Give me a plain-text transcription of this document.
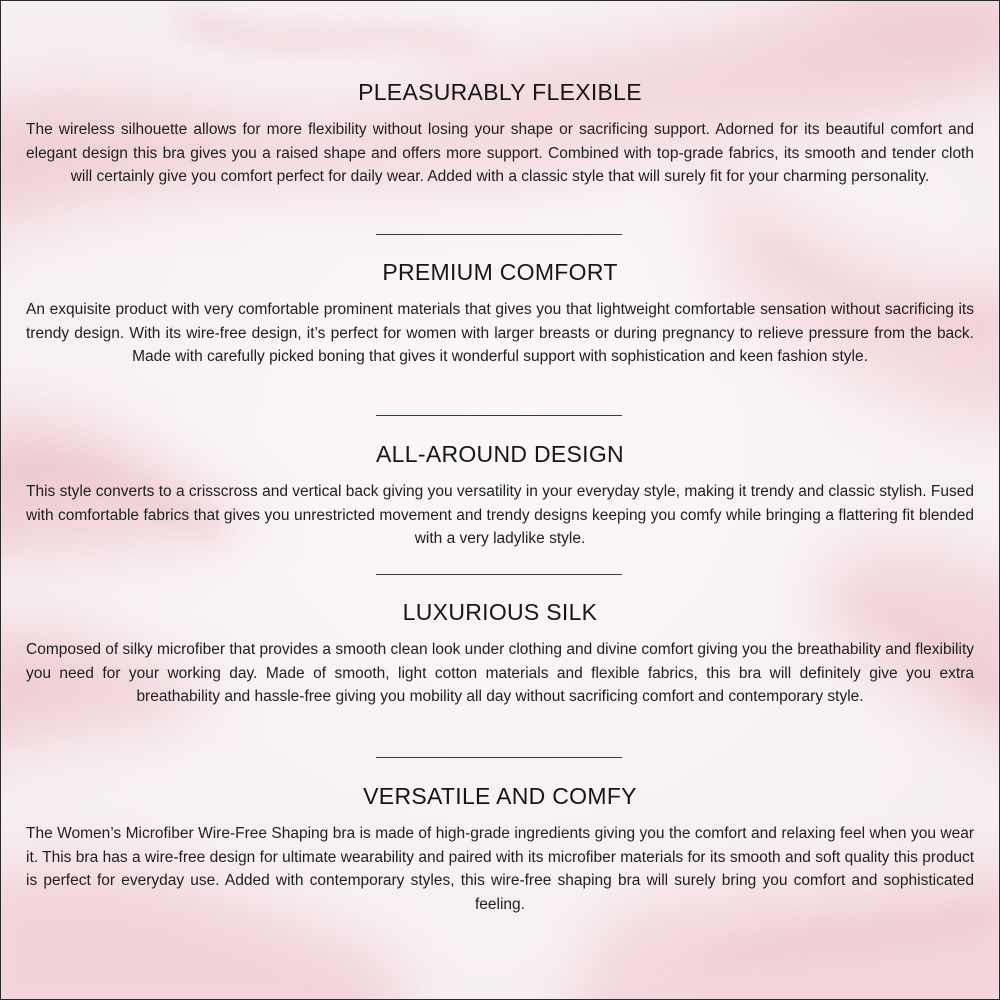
PLEASURABLY FLEXIBLE

The wireless silhouette allows for more flexibility without losing your shape or sacrificing support. Adorned for its beautiful comfort and elegant design this bra gives you a raised shape and offers more support. Combined with top-grade fabrics, its smooth and tender cloth will certainly give you comfort perfect for daily wear. Added with a classic style that will surely fit for your charming personality.

PREMIUM COMFORT

An exquisite product with very comfortable prominent materials that gives you that lightweight comfortable sensation without sacrificing its trendy design. With its wire-free design, it’s perfect for women with larger breasts or during pregnancy to relieve pressure from the back. Made with carefully picked boning that gives it wonderful support with sophistication and keen fashion style.

ALL-AROUND DESIGN

This style converts to a crisscross and vertical back giving you versatility in your everyday style, making it trendy and classic stylish. Fused with comfortable fabrics that gives you unrestricted movement and trendy designs keeping you comfy while bringing a flattering fit blended with a very ladylike style.

LUXURIOUS SILK

Composed of silky microfiber that provides a smooth clean look under clothing and divine comfort giving you the breathability and flexibility you need for your working day. Made of smooth, light cotton materials and flexible fabrics, this bra will definitely give you extra breathability and hassle-free giving you mobility all day without sacrificing comfort and contemporary style.

VERSATILE AND COMFY

The Women’s Microfiber Wire-Free Shaping bra is made of high-grade ingredients giving you the comfort and relaxing feel when you wear it. This bra has a wire-free design for ultimate wearability and paired with its microfiber materials for its smooth and soft quality this product is perfect for everyday use. Added with contemporary styles, this wire-free shaping bra will surely bring you comfort and sophisticated feeling.
